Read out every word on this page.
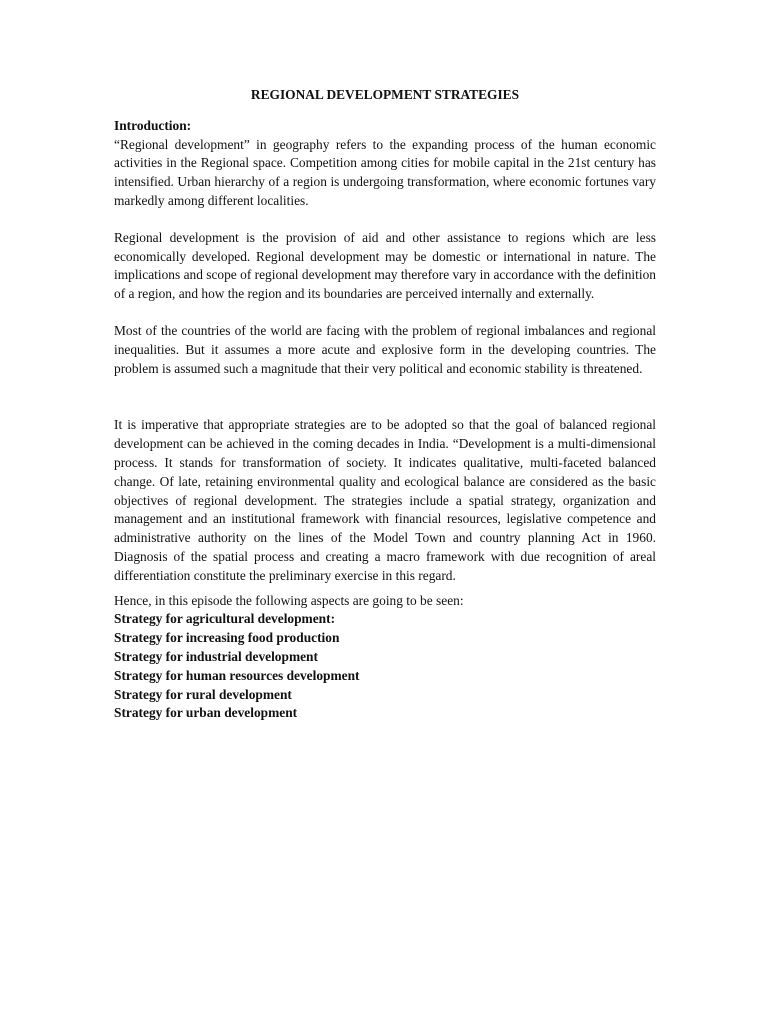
REGIONAL DEVELOPMENT STRATEGIES
Introduction:

“Regional development” in geography refers to the expanding process of the human economic activities in the Regional space. Competition among cities for mobile capital in the 21st century has intensified. Urban hierarchy of a region is undergoing transformation, where economic fortunes vary markedly among different localities.

Regional development is the provision of aid and other assistance to regions which are less economically developed. Regional development may be domestic or international in nature. The implications and scope of regional development may therefore vary in accordance with the definition of a region, and how the region and its boundaries are perceived internally and externally.

Most of the countries of the world are facing with the problem of regional imbalances and regional inequalities. But it assumes a more acute and explosive form in the developing countries. The problem is assumed such a magnitude that their very political and economic stability is threatened.

It is imperative that appropriate strategies are to be adopted so that the goal of balanced regional development can be achieved in the coming decades in India. “Development is a multi-dimensional process. It stands for transformation of society. It indicates qualitative, multi-faceted balanced change. Of late, retaining environmental quality and ecological balance are considered as the basic objectives of regional development. The strategies include a spatial strategy, organization and management and an institutional framework with financial resources, legislative competence and administrative authority on the lines of the Model Town and country planning Act in 1960. Diagnosis of the spatial process and creating a macro framework with due recognition of areal differentiation constitute the preliminary exercise in this regard.

Hence, in this episode the following aspects are going to be seen:

Strategy for agricultural development:
Strategy for increasing food production
Strategy for industrial development
Strategy for human resources development
Strategy for rural development
Strategy for urban development
